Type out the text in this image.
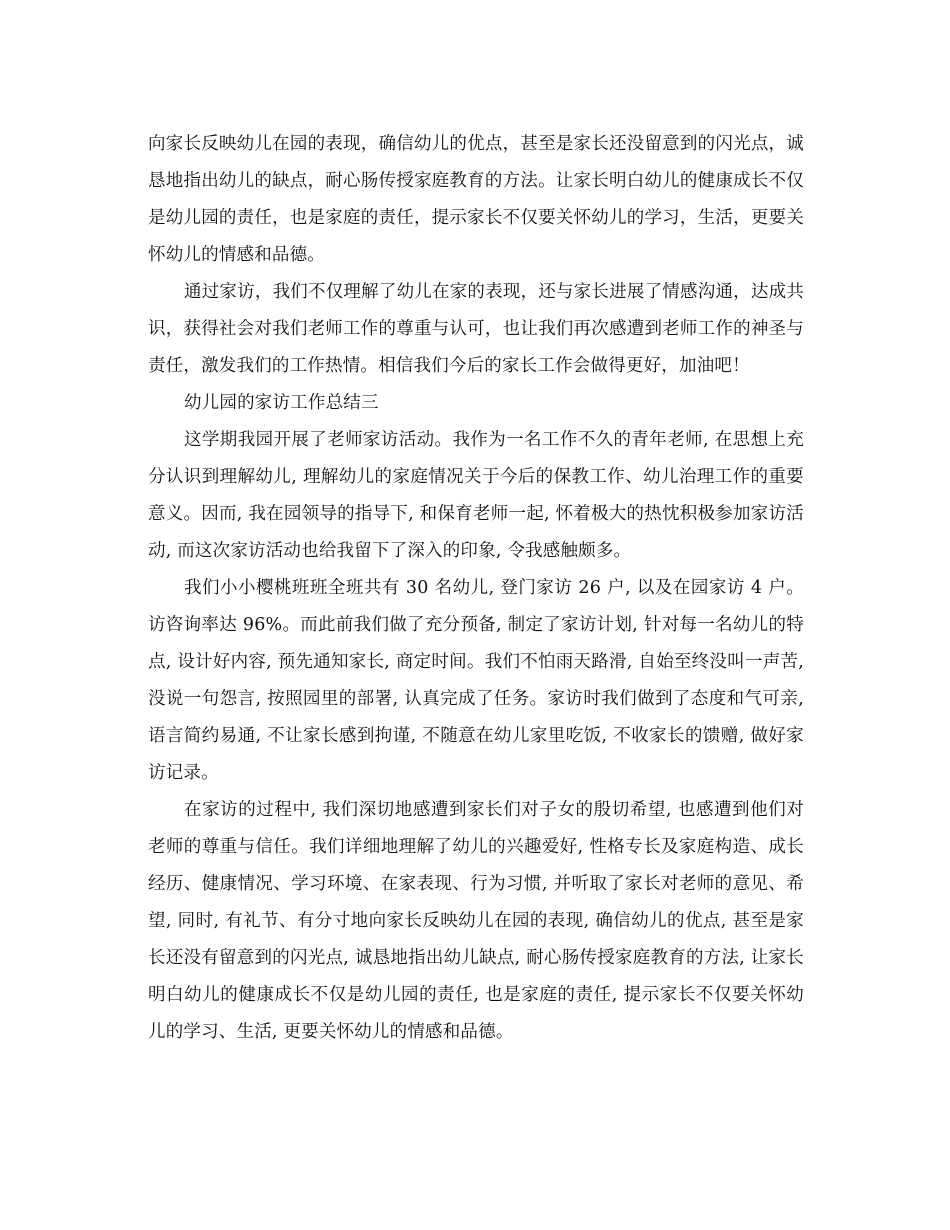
向家长反映幼儿在园的表现，确信幼儿的优点，甚至是家长还没留意到的闪光点，诚恳地指出幼儿的缺点，耐心肠传授家庭教育的方法。让家长明白幼儿的健康成长不仅是幼儿园的责任，也是家庭的责任，提示家长不仅要关怀幼儿的学习，生活，更要关怀幼儿的情感和品德。

通过家访，我们不仅理解了幼儿在家的表现，还与家长进展了情感沟通，达成共识，获得社会对我们老师工作的尊重与认可，也让我们再次感遭到老师工作的神圣与责任，激发我们的工作热情。相信我们今后的家长工作会做得更好，加油吧！

幼儿园的家访工作总结三

这学期我园开展了老师家访活动。我作为一名工作不久的青年老师, 在思想上充分认识到理解幼儿, 理解幼儿的家庭情况关于今后的保教工作、幼儿治理工作的重要意义。因而, 我在园领导的指导下, 和保育老师一起, 怀着极大的热忱积极参加家访活动, 而这次家访活动也给我留下了深入的印象, 令我感触颇多。

我们小小樱桃班班全班共有 30 名幼儿, 登门家访 26 户, 以及在园家访 4 户。访咨询率达 96%。而此前我们做了充分预备, 制定了家访计划, 针对每一名幼儿的特点, 设计好内容, 预先通知家长, 商定时间。我们不怕雨天路滑, 自始至终没叫一声苦, 没说一句怨言, 按照园里的部署, 认真完成了任务。家访时我们做到了态度和气可亲, 语言简约易通, 不让家长感到拘谨, 不随意在幼儿家里吃饭, 不收家长的馈赠, 做好家访记录。

在家访的过程中, 我们深切地感遭到家长们对子女的殷切希望, 也感遭到他们对老师的尊重与信任。我们详细地理解了幼儿的兴趣爱好, 性格专长及家庭构造、成长经历、健康情况、学习环境、在家表现、行为习惯, 并听取了家长对老师的意见、希望, 同时, 有礼节、有分寸地向家长反映幼儿在园的表现, 确信幼儿的优点, 甚至是家长还没有留意到的闪光点, 诚恳地指出幼儿缺点, 耐心肠传授家庭教育的方法, 让家长明白幼儿的健康成长不仅是幼儿园的责任, 也是家庭的责任, 提示家长不仅要关怀幼儿的学习、生活, 更要关怀幼儿的情感和品德。
